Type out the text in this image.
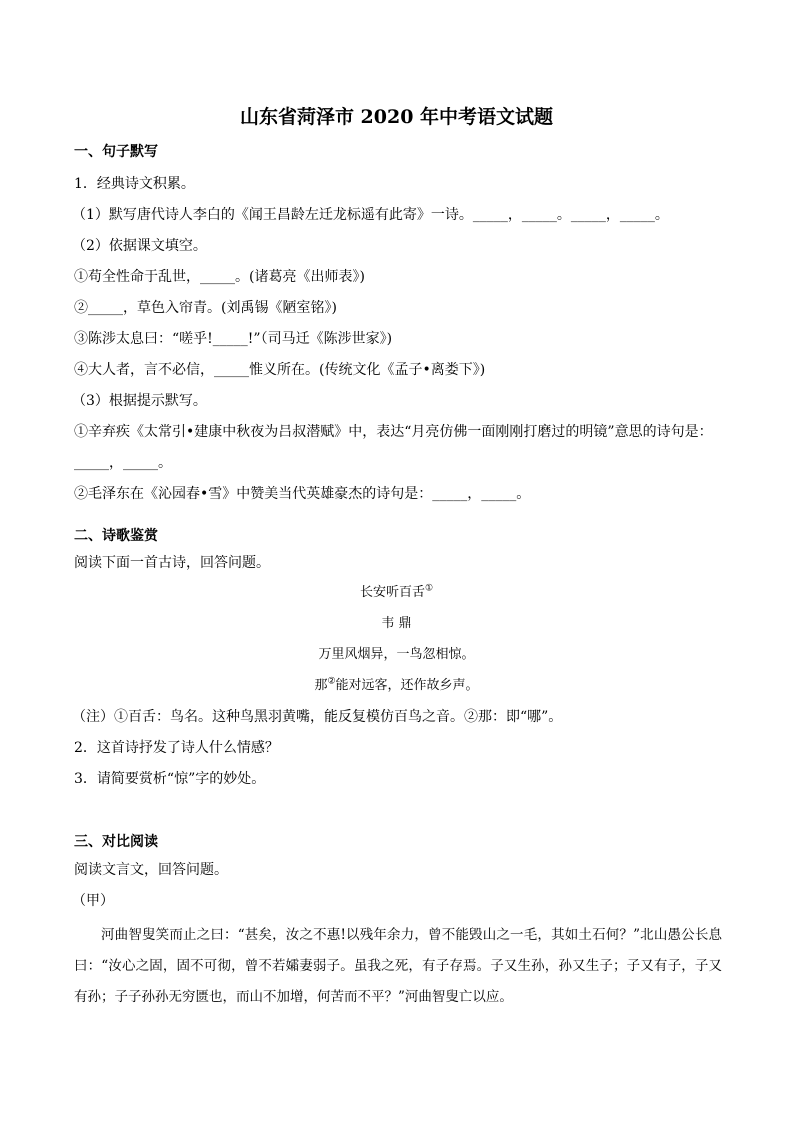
山东省菏泽市 2020 年中考语文试题
一、句子默写
1．经典诗文积累。
（1）默写唐代诗人李白的《闻王昌龄左迁龙标遥有此寄》一诗。_____，_____。_____，_____。
（2）依据课文填空。
①苟全性命于乱世，_____。(诸葛亮《出师表》)
②_____，草色入帘青。(刘禹锡《陋室铭》)
③陈涉太息曰：“嗟乎!_____!”（司马迁《陈涉世家》)
④大人者，言不必信，_____惟义所在。(传统文化《孟子•离娄下》)
（3）根据提示默写。
①辛弃疾《太常引•建康中秋夜为吕叔潜赋》中，表达“月亮仿佛一面刚刚打磨过的明镜”意思的诗句是：
_____，_____。
②毛泽东在《沁园春•雪》中赞美当代英雄豪杰的诗句是：_____，_____。
二、诗歌鉴赏
阅读下面一首古诗，回答问题。
长安听百舌①
韦 鼎
万里风烟异，一鸟忽相惊。
那②能对远客，还作故乡声。
（注）①百舌：鸟名。这种鸟黑羽黄嘴，能反复模仿百鸟之音。②那：即“哪”。
2．这首诗抒发了诗人什么情感？
3．请简要赏析“惊”字的妙处。
三、对比阅读
阅读文言文，回答问题。
（甲）
河曲智叟笑而止之曰：“甚矣，汝之不惠!以残年余力，曾不能毁山之一毛，其如土石何？”北山愚公长息曰：“汝心之固，固不可彻，曾不若孀妻弱子。虽我之死，有子存焉。子又生孙，孙又生子；子又有子，子又有孙；子子孙孙无穷匮也，而山不加增，何苦而不平？”河曲智叟亡以应。
